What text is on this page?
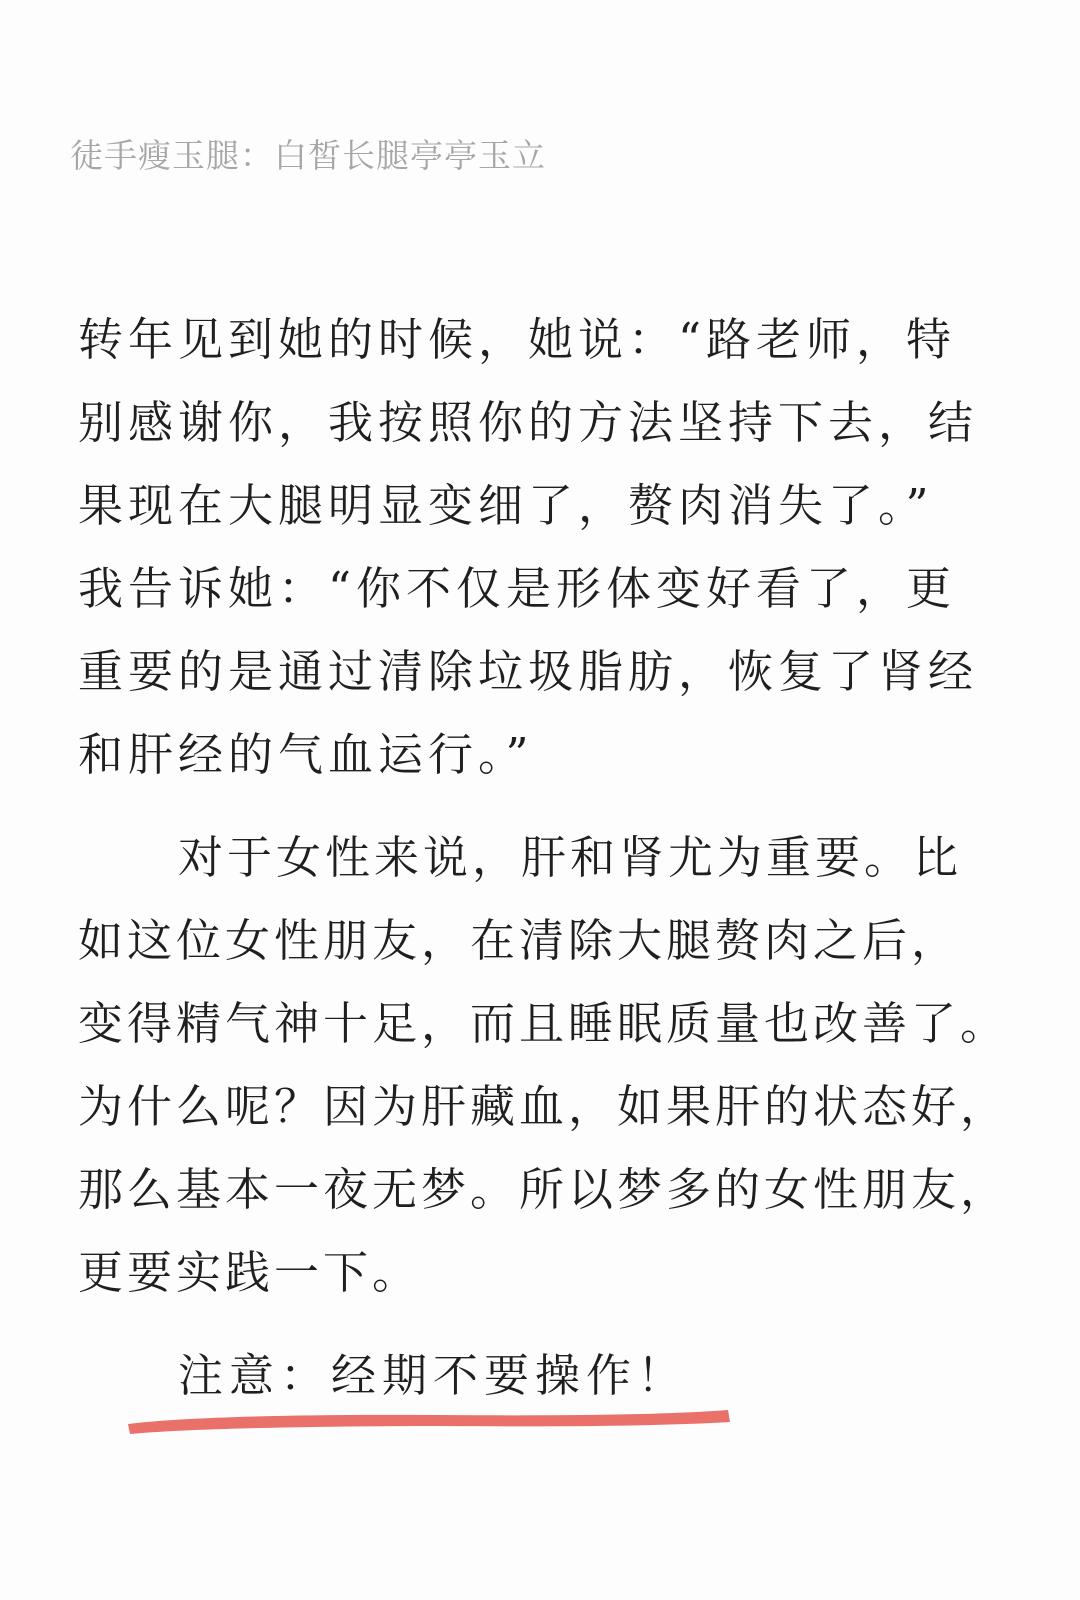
徒手瘦玉腿：白皙长腿亭亭玉立
转年见到她的时候，她说：“路老师，特
别感谢你，我按照你的方法坚持下去，结
果现在大腿明显变细了，赘肉消失了。”
我告诉她：“你不仅是形体变好看了，更
重要的是通过清除垃圾脂肪，恢复了肾经
和肝经的气血运行。”
对于女性来说，肝和肾尤为重要。比
如这位女性朋友，在清除大腿赘肉之后，
变得精气神十足，而且睡眠质量也改善了。
为什么呢？因为肝藏血，如果肝的状态好，
那么基本一夜无梦。所以梦多的女性朋友，
更要实践一下。
注意：经期不要操作！
